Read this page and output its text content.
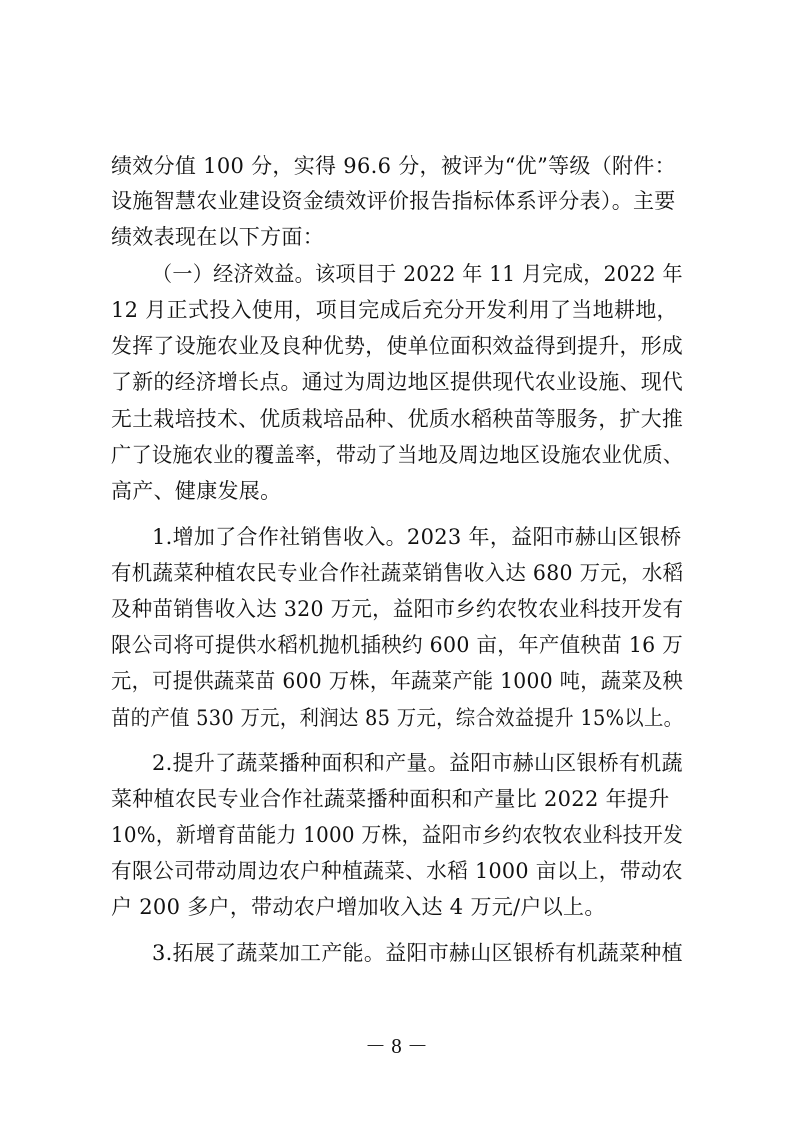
绩效分值 100 分，实得 96.6 分，被评为“优”等级（附件：
设施智慧农业建设资金绩效评价报告指标体系评分表）。主要
绩效表现在以下方面：
（一）经济效益。该项目于 2022 年 11 月完成，2022 年
12 月正式投入使用，项目完成后充分开发利用了当地耕地，
发挥了设施农业及良种优势，使单位面积效益得到提升，形成
了新的经济增长点。通过为周边地区提供现代农业设施、现代
无土栽培技术、优质栽培品种、优质水稻秧苗等服务，扩大推
广了设施农业的覆盖率，带动了当地及周边地区设施农业优质、
高产、健康发展。
1.增加了合作社销售收入。2023 年，益阳市赫山区银桥
有机蔬菜种植农民专业合作社蔬菜销售收入达 680 万元，水稻
及种苗销售收入达 320 万元，益阳市乡约农牧农业科技开发有
限公司将可提供水稻机抛机插秧约 600 亩，年产值秧苗 16 万
元，可提供蔬菜苗 600 万株，年蔬菜产能 1000 吨，蔬菜及秧
苗的产值 530 万元，利润达 85 万元，综合效益提升 15%以上。
2.提升了蔬菜播种面积和产量。益阳市赫山区银桥有机蔬
菜种植农民专业合作社蔬菜播种面积和产量比 2022 年提升
10%，新增育苗能力 1000 万株，益阳市乡约农牧农业科技开发
有限公司带动周边农户种植蔬菜、水稻 1000 亩以上，带动农
户 200 多户，带动农户增加收入达 4 万元/户以上。
3.拓展了蔬菜加工产能。益阳市赫山区银桥有机蔬菜种植
－ 8 －
